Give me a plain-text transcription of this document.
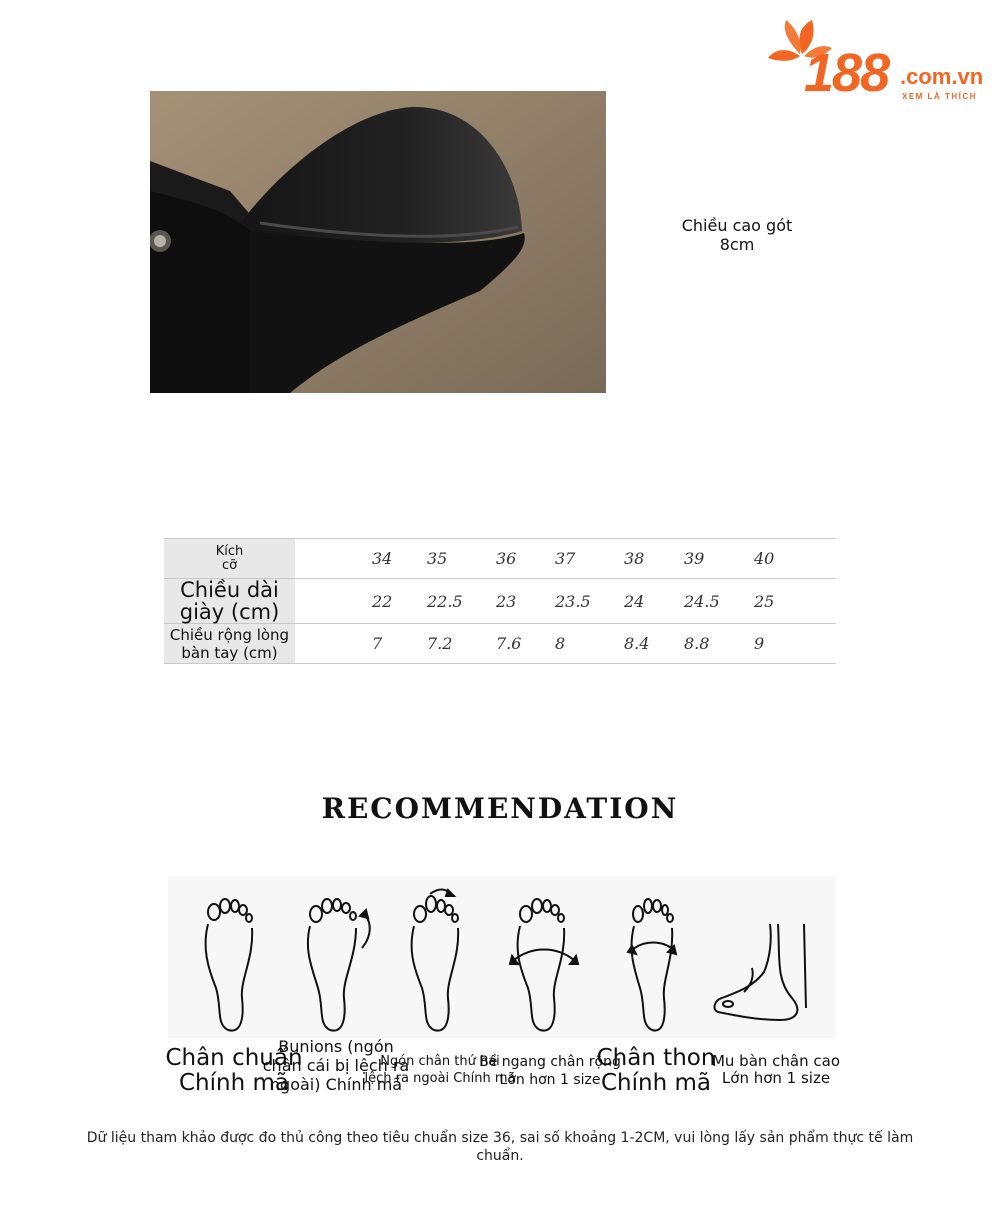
188 .com.vn
XEM LÀ THÍCH
Chiều cao gót
8cm
Kích
cỡ		34	35	36	37	38	39	40

Chiều dài
giày (cm)		22	22.5	23	23.5	24	24.5	25

Chiều rộng lòng
bàn tay (cm)		7	7.2	7.6	8	8.4	8.8	9
RECOMMENDATION
Chân chuẩn
Chính mã
Bunions (ngón
chân cái bị lệch ra
ngoài) Chính mã
Ngón chân thứ hai
lệch ra ngoài Chính mã
Bề ngang chân rộng
Lớn hơn 1 size
Chân thon
Chính mã
Mu bàn chân cao
Lớn hơn 1 size
Dữ liệu tham khảo được đo thủ công theo tiêu chuẩn size 36, sai số khoảng 1-2CM, vui lòng lấy sản phẩm thực tế làm chuẩn.
